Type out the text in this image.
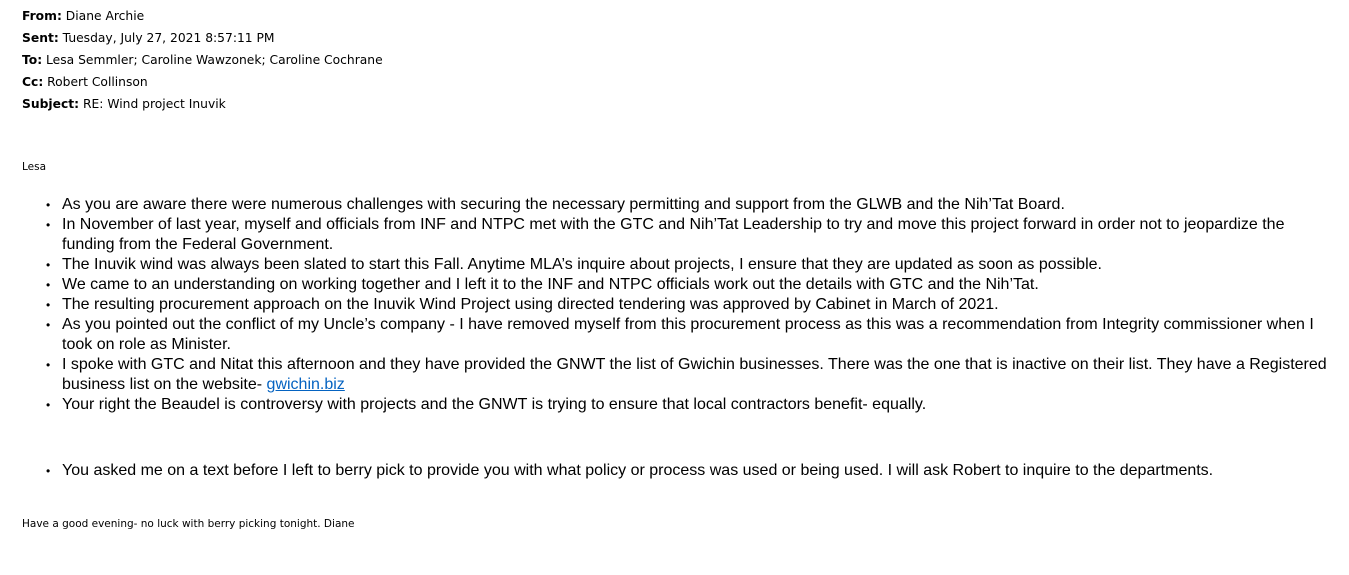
From: Diane Archie
Sent: Tuesday, July 27, 2021 8:57:11 PM
To: Lesa Semmler; Caroline Wawzonek; Caroline Cochrane
Cc: Robert Collinson
Subject: RE: Wind project Inuvik
Lesa
• As you are aware there were numerous challenges with securing the necessary permitting and support from the GLWB and the Nih’Tat Board.
• In November of last year, myself and officials from INF and NTPC met with the GTC and Nih’Tat Leadership to try and move this project forward in order not to jeopardize the funding from the Federal Government.
• The Inuvik wind was always been slated to start this Fall. Anytime MLA’s inquire about projects, I ensure that they are updated as soon as possible.
• We came to an understanding on working together and I left it to the INF and NTPC officials work out the details with GTC and the Nih’Tat.
• The resulting procurement approach on the Inuvik Wind Project using directed tendering was approved by Cabinet in March of 2021.
• As you pointed out the conflict of my Uncle’s company - I have removed myself from this procurement process as this was a recommendation from Integrity commissioner when I took on role as Minister.
• I spoke with GTC and Nitat this afternoon and they have provided the GNWT the list of Gwichin businesses. There was the one that is inactive on their list. They have a Registered business list on the website- gwichin.biz
• Your right the Beaudel is controversy with projects and the GNWT is trying to ensure that local contractors benefit- equally.
• You asked me on a text before I left to berry pick to provide you with what policy or process was used or being used. I will ask Robert to inquire to the departments.
Have a good evening- no luck with berry picking tonight. Diane
